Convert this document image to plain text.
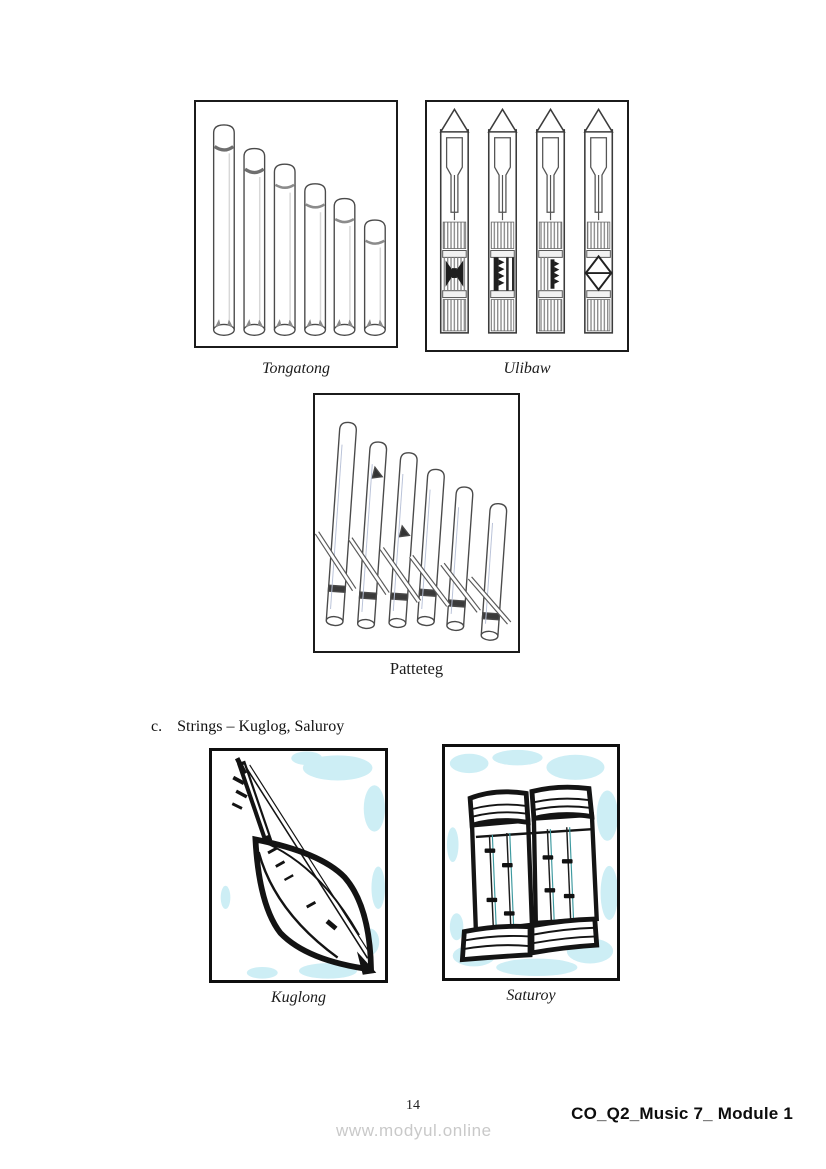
Tongatong	Ulibaw
Patteteg
c. Strings – Kuglog, Saluroy
Kuglong	Saturoy
14
www.modyul.online
CO_Q2_Music 7_ Module 1
